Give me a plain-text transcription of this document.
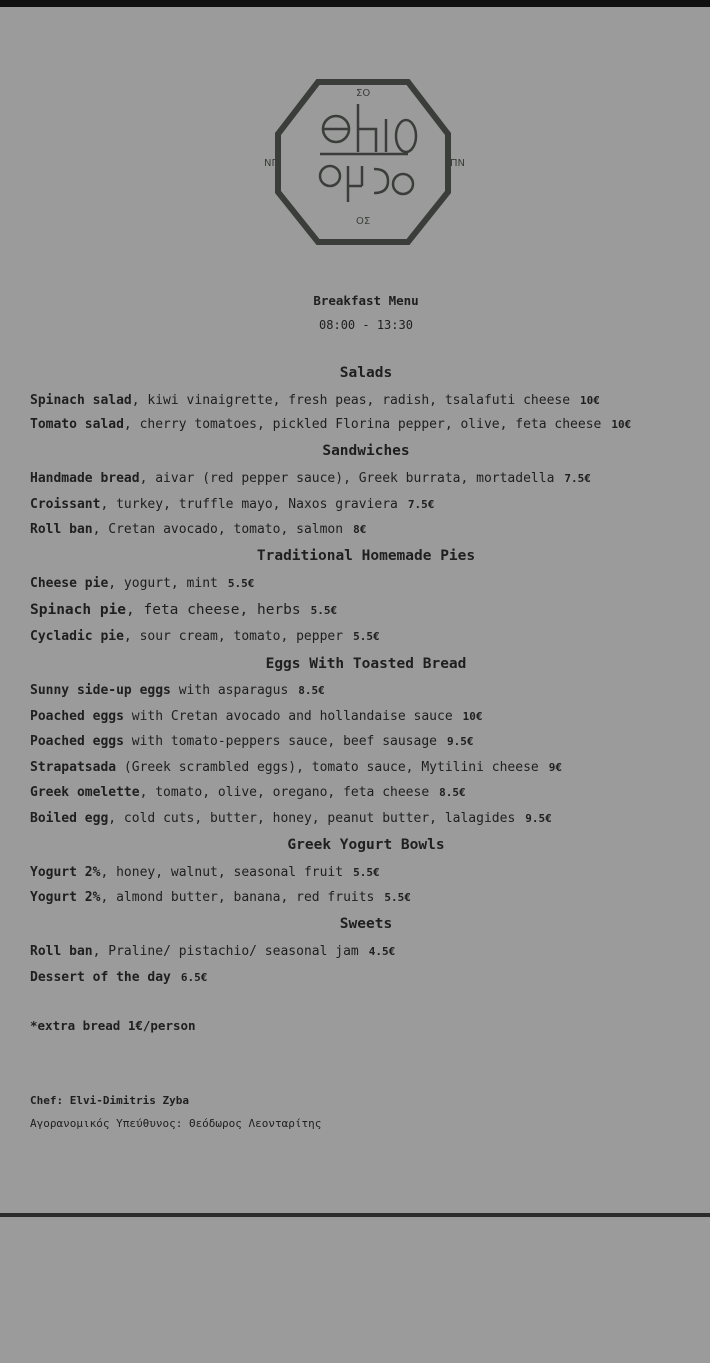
ΣΟ
ΟΣ
ΝΠ	ΠΝ
Breakfast Menu
08:00 - 13:30
Salads
Spinach salad, kiwi vinaigrette, fresh peas, radish, tsalafuti cheese 10€
Tomato salad, cherry tomatoes, pickled Florina pepper, olive, feta cheese 10€
Sandwiches
Handmade bread, aivar (red pepper sauce), Greek burrata, mortadella 7.5€
Croissant, turkey, truffle mayo, Naxos graviera 7.5€
Roll ban, Cretan avocado, tomato, salmon 8€
Traditional Homemade Pies
Cheese pie, yogurt, mint 5.5€
Spinach pie, feta cheese, herbs 5.5€
Cycladic pie, sour cream, tomato, pepper 5.5€
Eggs With Toasted Bread
Sunny side-up eggs with asparagus 8.5€
Poached eggs with Cretan avocado and hollandaise sauce 10€
Poached eggs with tomato-peppers sauce, beef sausage 9.5€
Strapatsada (Greek scrambled eggs), tomato sauce, Mytilini cheese 9€
Greek omelette, tomato, olive, oregano, feta cheese 8.5€
Boiled egg, cold cuts, butter, honey, peanut butter, lalagides 9.5€
Greek Yogurt Bowls
Yogurt 2%, honey, walnut, seasonal fruit 5.5€
Yogurt 2%, almond butter, banana, red fruits 5.5€
Sweets
Roll ban, Praline/ pistachio/ seasonal jam 4.5€
Dessert of the day 6.5€
*extra bread 1€/person
Chef: Elvi-Dimitris Zyba
Αγορανομικός Υπεύθυνος: Θεόδωρος Λεονταρίτης
